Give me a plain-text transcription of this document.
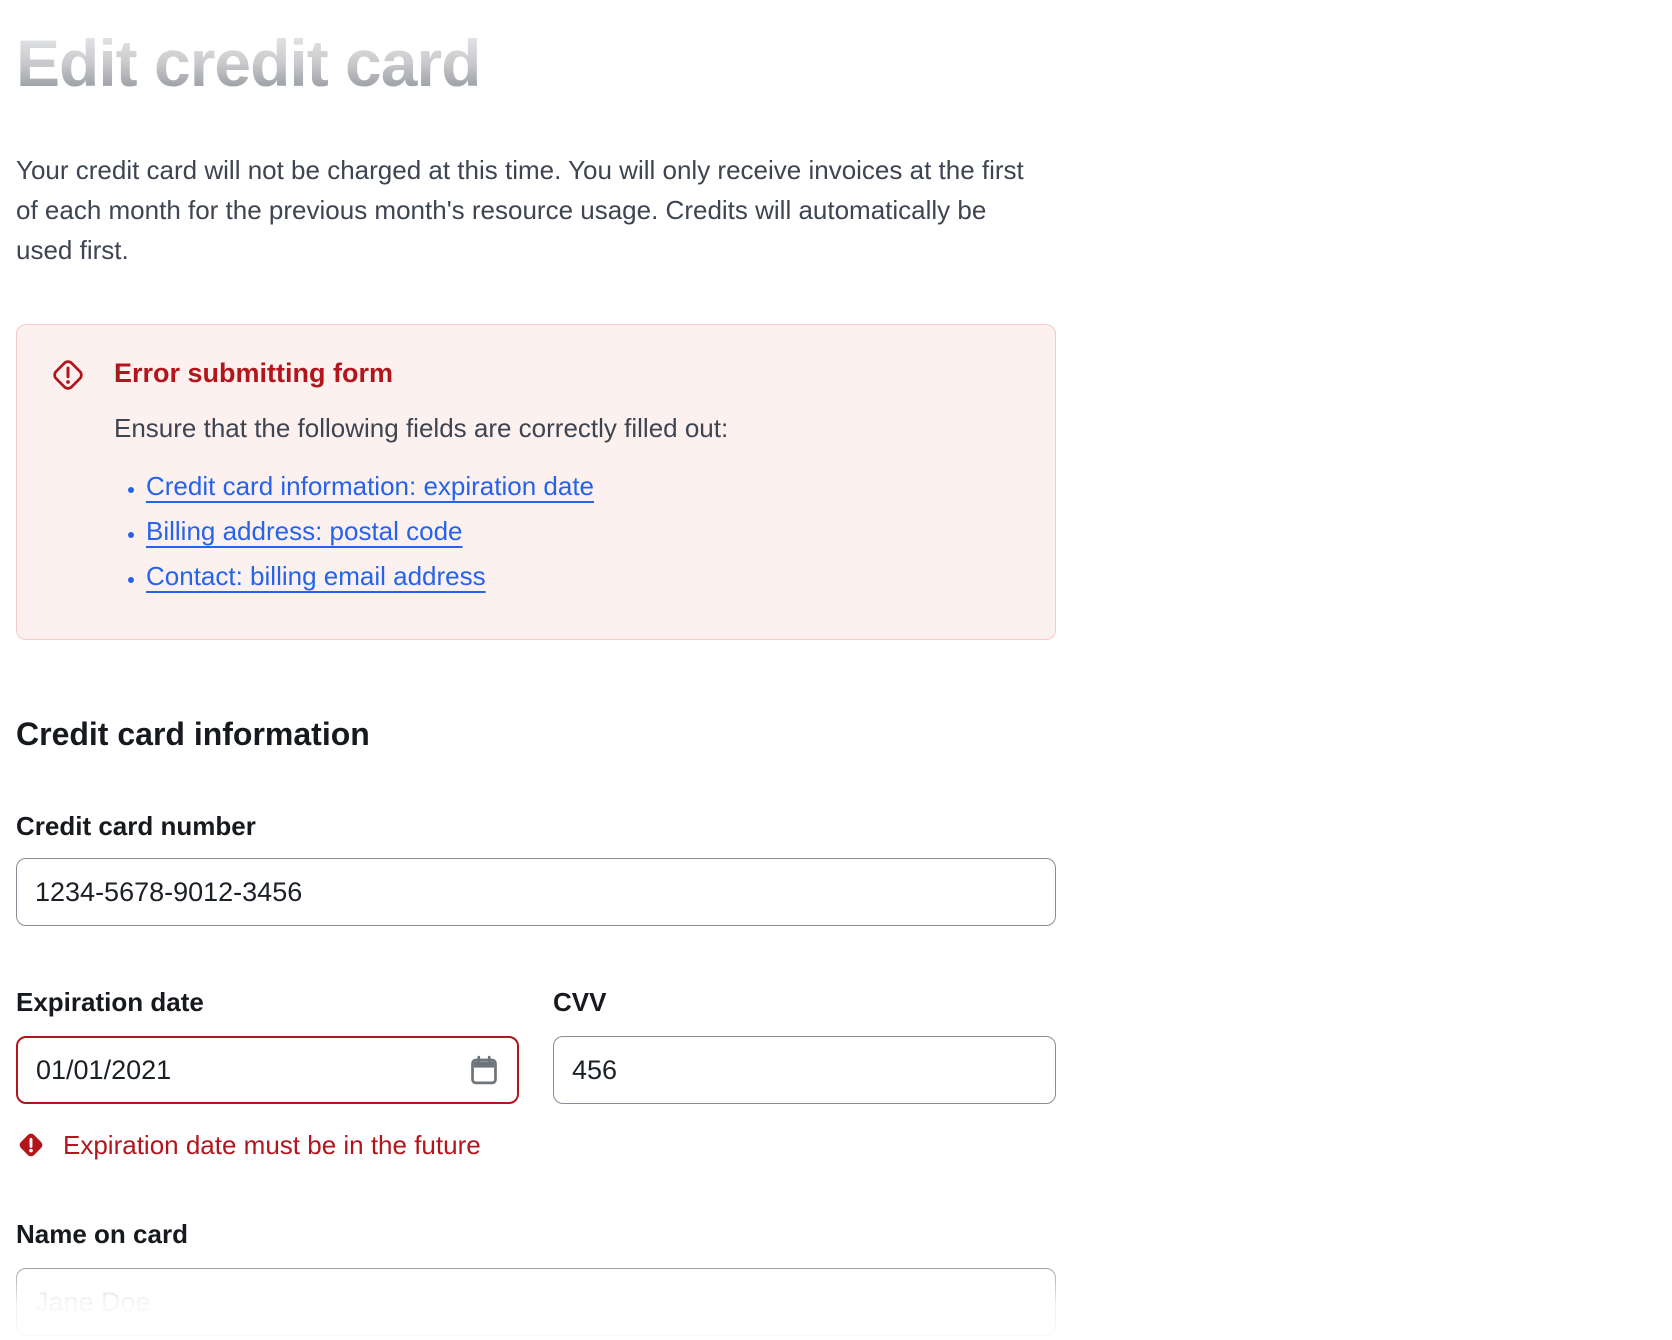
Edit credit card

Your credit card will not be charged at this time. You will only receive invoices at the first of each month for the previous month's resource usage. Credits will automatically be used first.

Error submitting form
Ensure that the following fields are correctly filled out:
• Credit card information: expiration date
• Billing address: postal code
• Contact: billing email address
Credit card information
Credit card number
1234-5678-9012-3456
Expiration date
01/01/2021	CVV
456
Expiration date must be in the future
Name on card
Jane Doe
